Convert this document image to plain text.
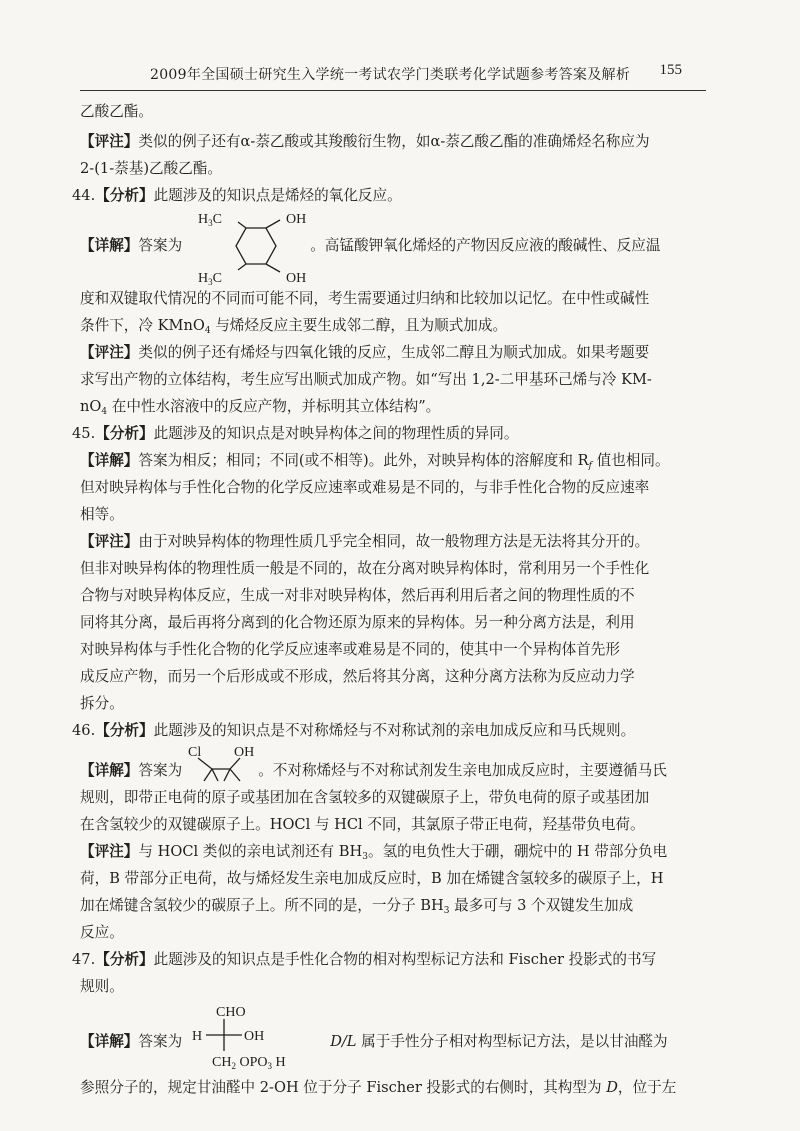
2009年全国硕士研究生入学统一考试农学门类联考化学试题参考答案及解析 155
乙酸乙酯。
【评注】类似的例子还有α-萘乙酸或其羧酸衍生物，如α-萘乙酸乙酯的准确烯烃名称应为
2-(1-萘基)乙酸乙酯。
44.【分析】此题涉及的知识点是烯烃的氧化反应。
【详解】答案为	。高锰酸钾氧化烯烃的产物因反应液的酸碱性、反应温
$H_3C$	OH
$H_3C$	OH
度和双键取代情况的不同而可能不同，考生需要通过归纳和比较加以记忆。在中性或碱性
条件下，冷 KMnO$_4$ 与烯烃反应主要生成邻二醇，且为顺式加成。
【评注】类似的例子还有烯烃与四氧化锇的反应，生成邻二醇且为顺式加成。如果考题要
求写出产物的立体结构，考生应写出顺式加成产物。如“写出 1,2-二甲基环己烯与冷 KM-
$nO_4$ 在中性水溶液中的反应产物，并标明其立体结构”。
45.【分析】此题涉及的知识点是对映异构体之间的物理性质的异同。
【详解】答案为相反；相同；不同(或不相等)。此外，对映异构体的溶解度和 $R_f$ 值也相同。
但对映异构体与手性化合物的化学反应速率或难易是不同的，与非手性化合物的反应速率
相等。
【评注】由于对映异构体的物理性质几乎完全相同，故一般物理方法是无法将其分开的。
但非对映异构体的物理性质一般是不同的，故在分离对映异构体时，常利用另一个手性化
合物与对映异构体反应，生成一对非对映异构体，然后再利用后者之间的物理性质的不
同将其分离，最后再将分离到的化合物还原为原来的异构体。另一种分离方法是，利用
对映异构体与手性化合物的化学反应速率或难易是不同的，使其中一个异构体首先形
成反应产物，而另一个后形成或不形成，然后将其分离，这种分离方法称为反应动力学
拆分。
46.【分析】此题涉及的知识点是不对称烯烃与不对称试剂的亲电加成反应和马氏规则。
【详解】答案为	。不对称烯烃与不对称试剂发生亲电加成反应时，主要遵循马氏
Cl OH
规则，即带正电荷的原子或基团加在含氢较多的双键碳原子上，带负电荷的原子或基团加
在含氢较少的双键碳原子上。HOCl 与 HCl 不同，其氯原子带正电荷，羟基带负电荷。
【评注】与 HOCl 类似的亲电试剂还有 $BH_3$。氢的电负性大于硼，硼烷中的 H 带部分负电
荷，B 带部分正电荷，故与烯烃发生亲电加成反应时，B 加在烯键含氢较多的碳原子上，H
加在烯键含氢较少的碳原子上。所不同的是，一分子 $BH_3$ 最多可与 3 个双键发生加成
反应。
47.【分析】此题涉及的知识点是手性化合物的相对构型标记方法和 Fischer 投影式的书写
规则。
【详解】答案为	D/L 属于手性分子相对构型标记方法，是以甘油醛为
CHO
H	OH
$CH_2$ $OPO_3$ H
参照分子的，规定甘油醛中 2-OH 位于分子 Fischer 投影式的右侧时，其构型为 D，位于左
